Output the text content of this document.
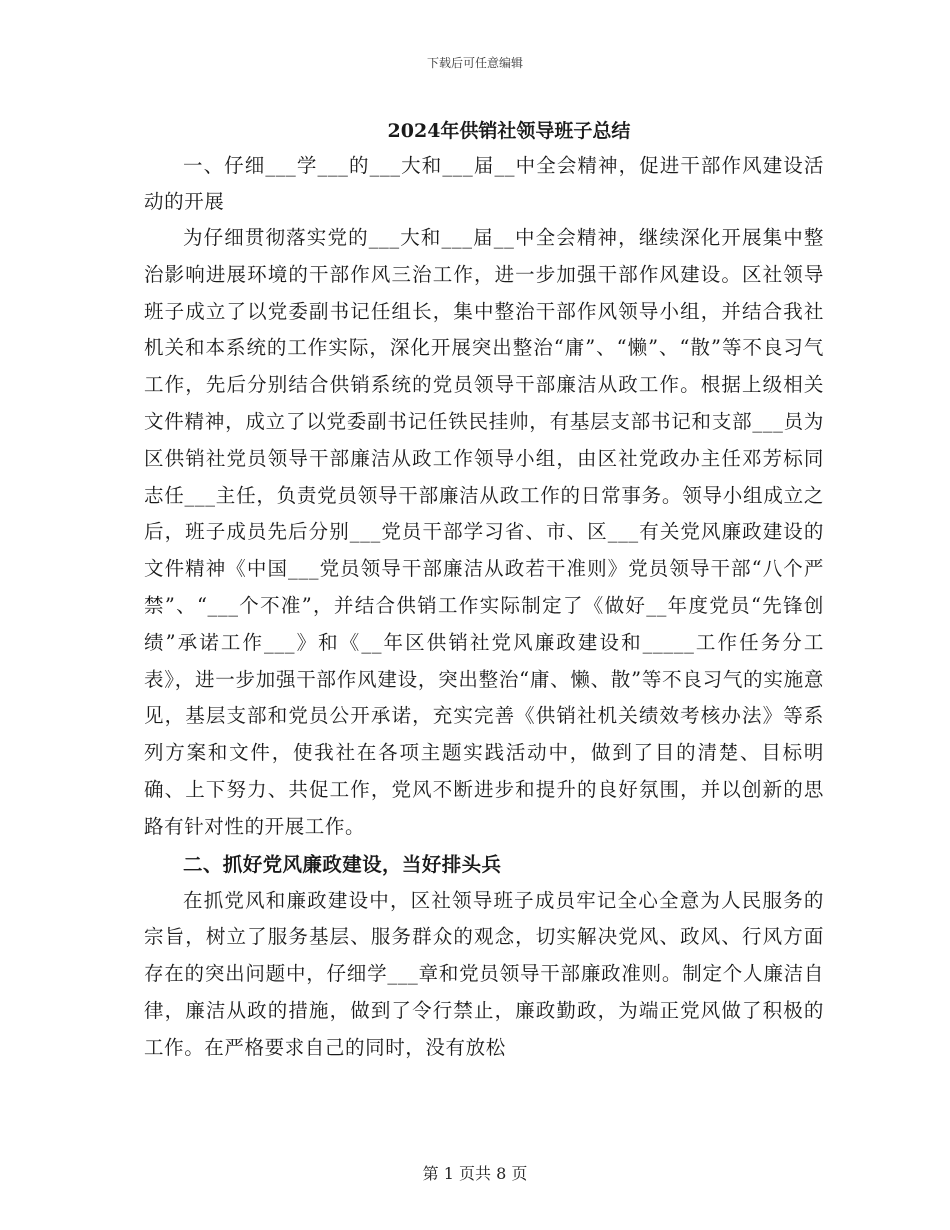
下载后可任意编辑
2024年供销社领导班子总结

一、仔细___学___的___大和___届__中全会精神，促进干部作风建设活动的开展

为仔细贯彻落实党的___大和___届__中全会精神，继续深化开展集中整治影响进展环境的干部作风三治工作，进一步加强干部作风建设。区社领导班子成立了以党委副书记任组长，集中整治干部作风领导小组，并结合我社机关和本系统的工作实际，深化开展突出整治“庸”、“懒”、“散”等不良习气工作，先后分别结合供销系统的党员领导干部廉洁从政工作。根据上级相关文件精神，成立了以党委副书记任铁民挂帅，有基层支部书记和支部___员为区供销社党员领导干部廉洁从政工作领导小组，由区社党政办主任邓芳标同志任___主任，负责党员领导干部廉洁从政工作的日常事务。领导小组成立之后，班子成员先后分别___党员干部学习省、市、区___有关党风廉政建设的文件精神《中国___党员领导干部廉洁从政若干准则》党员领导干部“八个严禁”、“___个不准”，并结合供销工作实际制定了《做好__年度党员“先锋创绩”承诺工作___》和《__年区供销社党风廉政建设和_____工作任务分工表》，进一步加强干部作风建设，突出整治“庸、懒、散”等不良习气的实施意见，基层支部和党员公开承诺，充实完善《供销社机关绩效考核办法》等系列方案和文件，使我社在各项主题实践活动中，做到了目的清楚、目标明确、上下努力、共促工作，党风不断进步和提升的良好氛围，并以创新的思路有针对性的开展工作。

二、抓好党风廉政建设，当好排头兵

在抓党风和廉政建设中，区社领导班子成员牢记全心全意为人民服务的宗旨，树立了服务基层、服务群众的观念，切实解决党风、政风、行风方面存在的突出问题中，仔细学___章和党员领导干部廉政准则。制定个人廉洁自律，廉洁从政的措施，做到了令行禁止，廉政勤政，为端正党风做了积极的工作。在严格要求自己的同时，没有放松

第 1 页共 8 页
